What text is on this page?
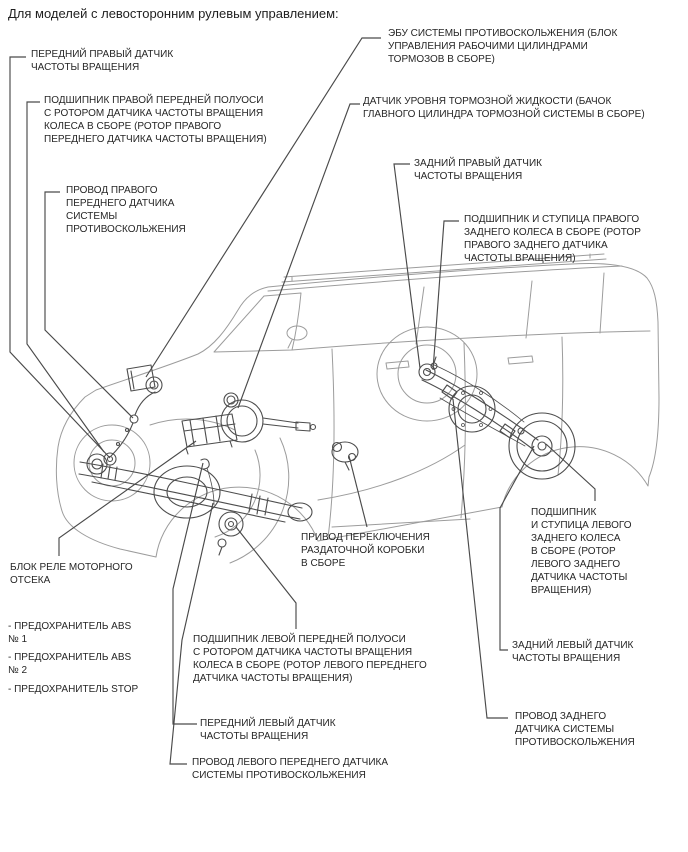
Для моделей с левосторонним рулевым управлением:
ПЕРЕДНИЙ ПРАВЫЙ ДАТЧИК
ЧАСТОТЫ ВРАЩЕНИЯ
ПОДШИПНИК ПРАВОЙ ПЕРЕДНЕЙ ПОЛУОСИ
С РОТОРОМ ДАТЧИКА ЧАСТОТЫ ВРАЩЕНИЯ
КОЛЕСА В СБОРЕ (РОТОР ПРАВОГО
ПЕРЕДНЕГО ДАТЧИКА ЧАСТОТЫ ВРАЩЕНИЯ)
ПРОВОД ПРАВОГО
ПЕРЕДНЕГО ДАТЧИКА
СИСТЕМЫ
ПРОТИВОСКОЛЬЖЕНИЯ
ЭБУ СИСТЕМЫ ПРОТИВОСКОЛЬЖЕНИЯ (БЛОК
УПРАВЛЕНИЯ РАБОЧИМИ ЦИЛИНДРАМИ
ТОРМОЗОВ В СБОРЕ)
ДАТЧИК УРОВНЯ ТОРМОЗНОЙ ЖИДКОСТИ (БАЧОК
ГЛАВНОГО ЦИЛИНДРА ТОРМОЗНОЙ СИСТЕМЫ В СБОРЕ)
ЗАДНИЙ ПРАВЫЙ ДАТЧИК
ЧАСТОТЫ ВРАЩЕНИЯ
ПОДШИПНИК И СТУПИЦА ПРАВОГО
ЗАДНЕГО КОЛЕСА В СБОРЕ (РОТОР
ПРАВОГО ЗАДНЕГО ДАТЧИКА
ЧАСТОТЫ ВРАЩЕНИЯ)
БЛОК РЕЛЕ МОТОРНОГО
ОТСЕКА
- ПРЕДОХРАНИТЕЛЬ ABS
№ 1
- ПРЕДОХРАНИТЕЛЬ ABS
№ 2
- ПРЕДОХРАНИТЕЛЬ STOP
ПРИВОД ПЕРЕКЛЮЧЕНИЯ
РАЗДАТОЧНОЙ КОРОБКИ
В СБОРЕ
ПОДШИПНИК ЛЕВОЙ ПЕРЕДНЕЙ ПОЛУОСИ
С РОТОРОМ ДАТЧИКА ЧАСТОТЫ ВРАЩЕНИЯ
КОЛЕСА В СБОРЕ (РОТОР ЛЕВОГО ПЕРЕДНЕГО
ДАТЧИКА ЧАСТОТЫ ВРАЩЕНИЯ)
ПЕРЕДНИЙ ЛЕВЫЙ ДАТЧИК
ЧАСТОТЫ ВРАЩЕНИЯ
ПРОВОД ЛЕВОГО ПЕРЕДНЕГО ДАТЧИКА
СИСТЕМЫ ПРОТИВОСКОЛЬЖЕНИЯ
ПОДШИПНИК
И СТУПИЦА ЛЕВОГО
ЗАДНЕГО КОЛЕСА
В СБОРЕ (РОТОР
ЛЕВОГО ЗАДНЕГО
ДАТЧИКА ЧАСТОТЫ
ВРАЩЕНИЯ)
ЗАДНИЙ ЛЕВЫЙ ДАТЧИК
ЧАСТОТЫ ВРАЩЕНИЯ
ПРОВОД ЗАДНЕГО
ДАТЧИКА СИСТЕМЫ
ПРОТИВОСКОЛЬЖЕНИЯ
